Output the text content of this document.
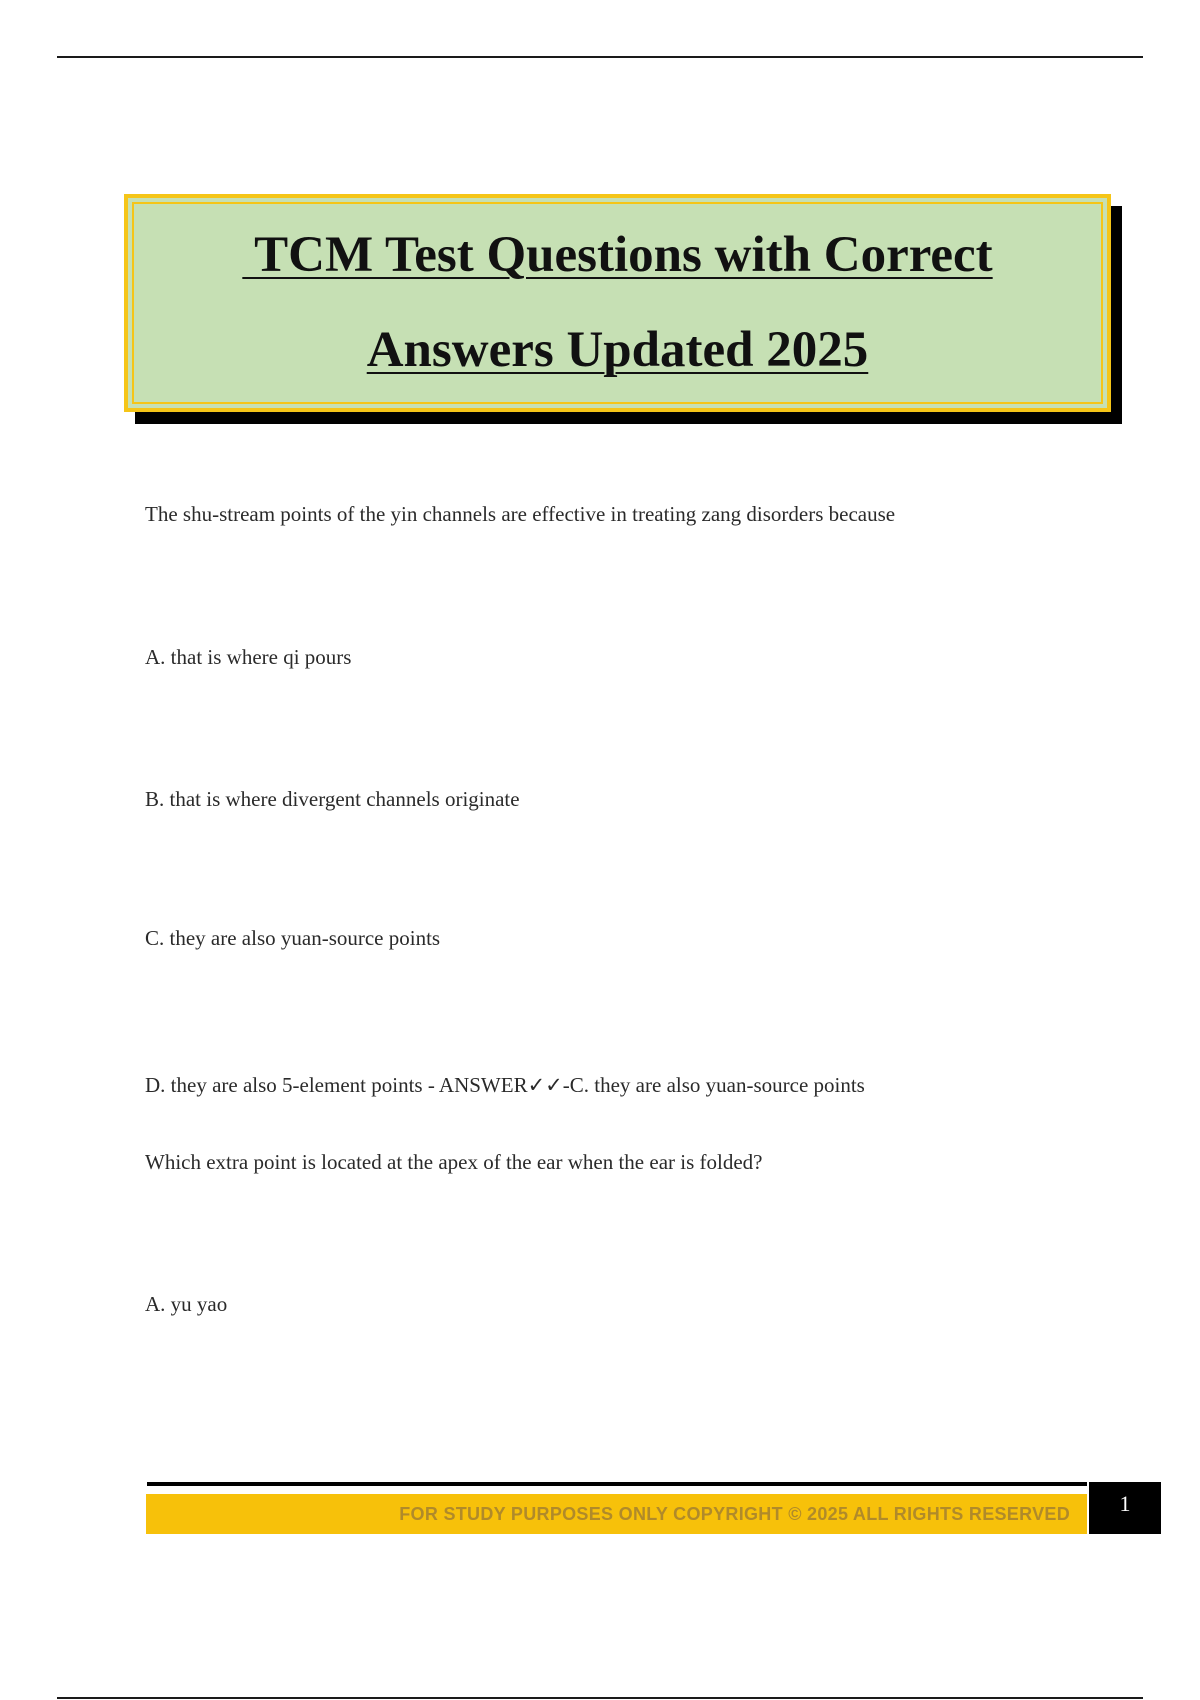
TCM Test Questions with Correct
Answers Updated 2025
The shu-stream points of the yin channels are effective in treating zang disorders because
A. that is where qi pours
B. that is where divergent channels originate
C. they are also yuan-source points
D. they are also 5-element points - ANSWER✓✓-C. they are also yuan-source points
Which extra point is located at the apex of the ear when the ear is folded?
A. yu yao
FOR STUDY PURPOSES ONLY COPYRIGHT © 2025 ALL RIGHTS RESERVED 1
